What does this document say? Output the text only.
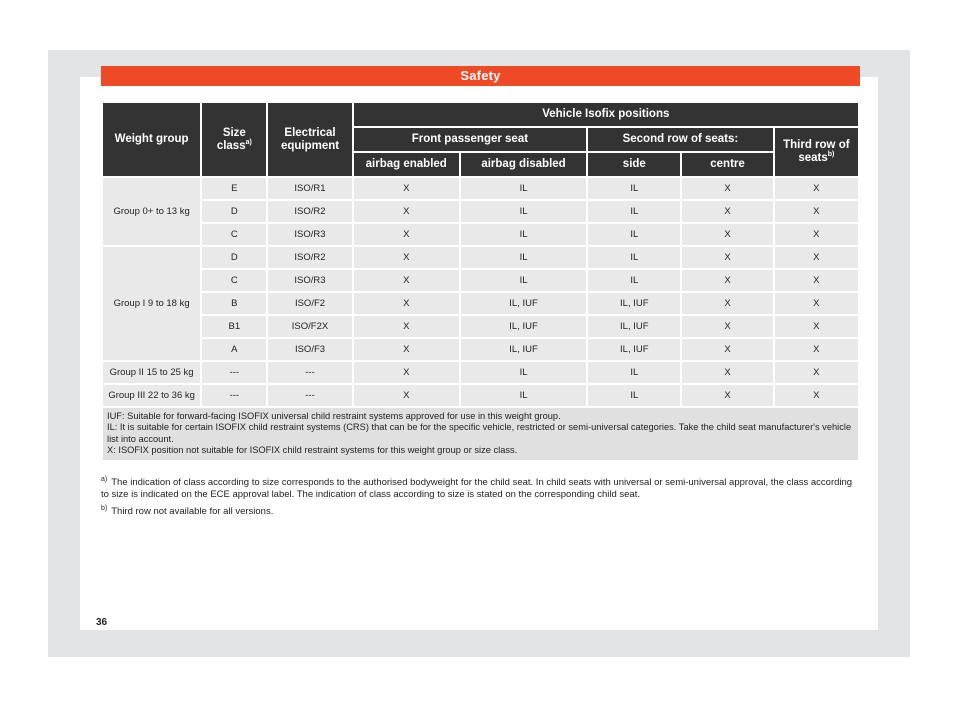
Safety
Weight group	Size class$^{a)}$	Electrical equipment	Vehicle Isofix positions				
			Front passenger seat		Second row of seats:		Third row of seats$^{b)}$
			airbag enabled	airbag disabled	side	centre	
Group 0+ to 13 kg	E	ISO/R1	X	IL	IL	X	X
	D	ISO/R2	X	IL	IL	X	X
	C	ISO/R3	X	IL	IL	X	X
Group I 9 to 18 kg	D	ISO/R2	X	IL	IL	X	X
	C	ISO/R3	X	IL	IL	X	X
	B	ISO/F2	X	IL, IUF	IL, IUF	X	X
	B1	ISO/F2X	X	IL, IUF	IL, IUF	X	X
	A	ISO/F3	X	IL, IUF	IL, IUF	X	X
Group II 15 to 25 kg	---	---	X	IL	IL	X	X
Group III 22 to 36 kg	---	---	X	IL	IL	X	X

IUF: Suitable for forward-facing ISOFIX universal child restraint systems approved for use in this weight group.
IL: It is suitable for certain ISOFIX child restraint systems (CRS) that can be for the specific vehicle, restricted or semi-universal categories. Take the child seat manufacturer's vehicle list into account.
X: ISOFIX position not suitable for ISOFIX child restraint systems for this weight group or size class.							

$^{a)}$ The indication of class according to size corresponds to the authorised bodyweight for the child seat. In child seats with universal or semi-universal approval, the class according to size is indicated on the ECE approval label. The indication of class according to size is stated on the corresponding child seat.

$^{b)}$ Third row not available for all versions.

36
